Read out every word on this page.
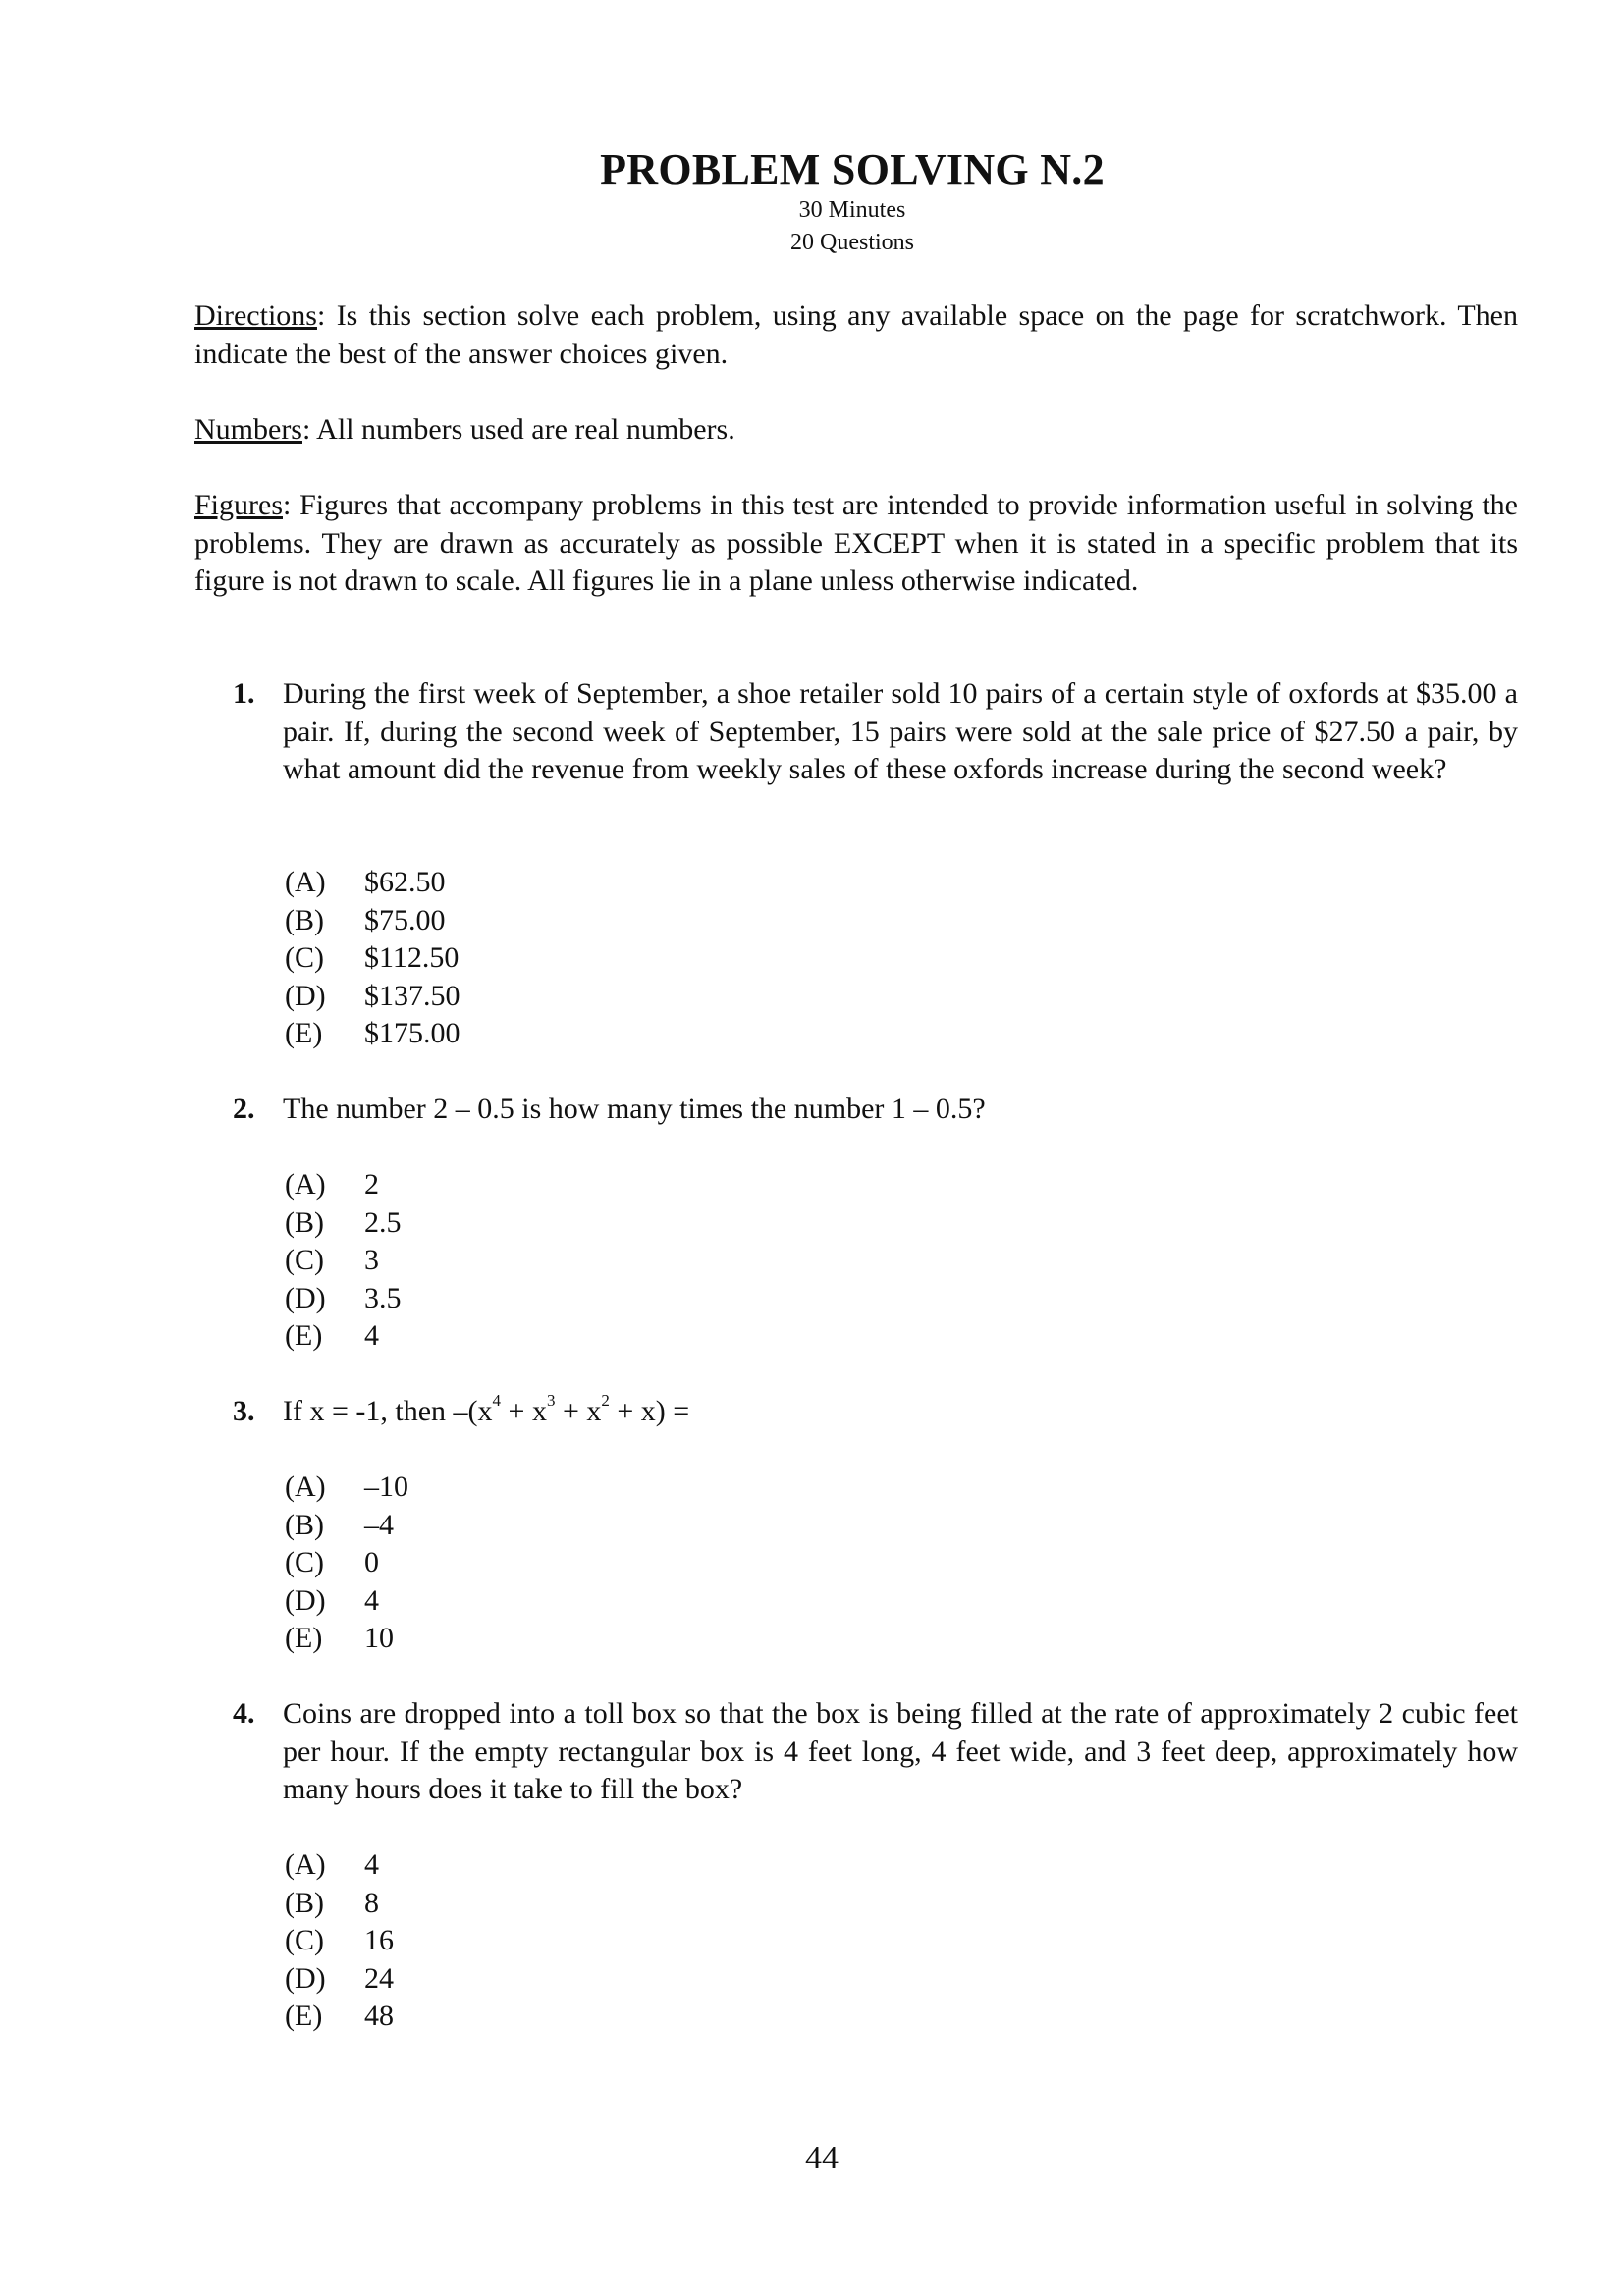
PROBLEM SOLVING N.2
30 Minutes
20 Questions
Directions: Is this section solve each problem, using any available space on the page for scratchwork. Then indicate the best of the answer choices given.
Numbers: All numbers used are real numbers.
Figures: Figures that accompany problems in this test are intended to provide information useful in solving the problems. They are drawn as accurately as possible EXCEPT when it is stated in a specific problem that its figure is not drawn to scale. All figures lie in a plane unless otherwise indicated.
1. During the first week of September, a shoe retailer sold 10 pairs of a certain style of oxfords at $35.00 a pair. If, during the second week of September, 15 pairs were sold at the sale price of $27.50 a pair, by what amount did the revenue from weekly sales of these oxfords increase during the second week?
(A)	$62.50
(B)	$75.00
(C)	$112.50
(D)	$137.50
(E)	$175.00
2. The number 2 – 0.5 is how many times the number 1 – 0.5?
(A)	2
(B)	2.5
(C)	3
(D)	3.5
(E)	4
3. If x = -1, then $-(x^4 + x^3 + x^2 + x)$ =
(A)	–10
(B)	–4
(C)	0
(D)	4
(E)	10
4. Coins are dropped into a toll box so that the box is being filled at the rate of approximately 2 cubic feet per hour. If the empty rectangular box is 4 feet long, 4 feet wide, and 3 feet deep, approximately how many hours does it take to fill the box?
(A)	4
(B)	8
(C)	16
(D)	24
(E)	48
44
